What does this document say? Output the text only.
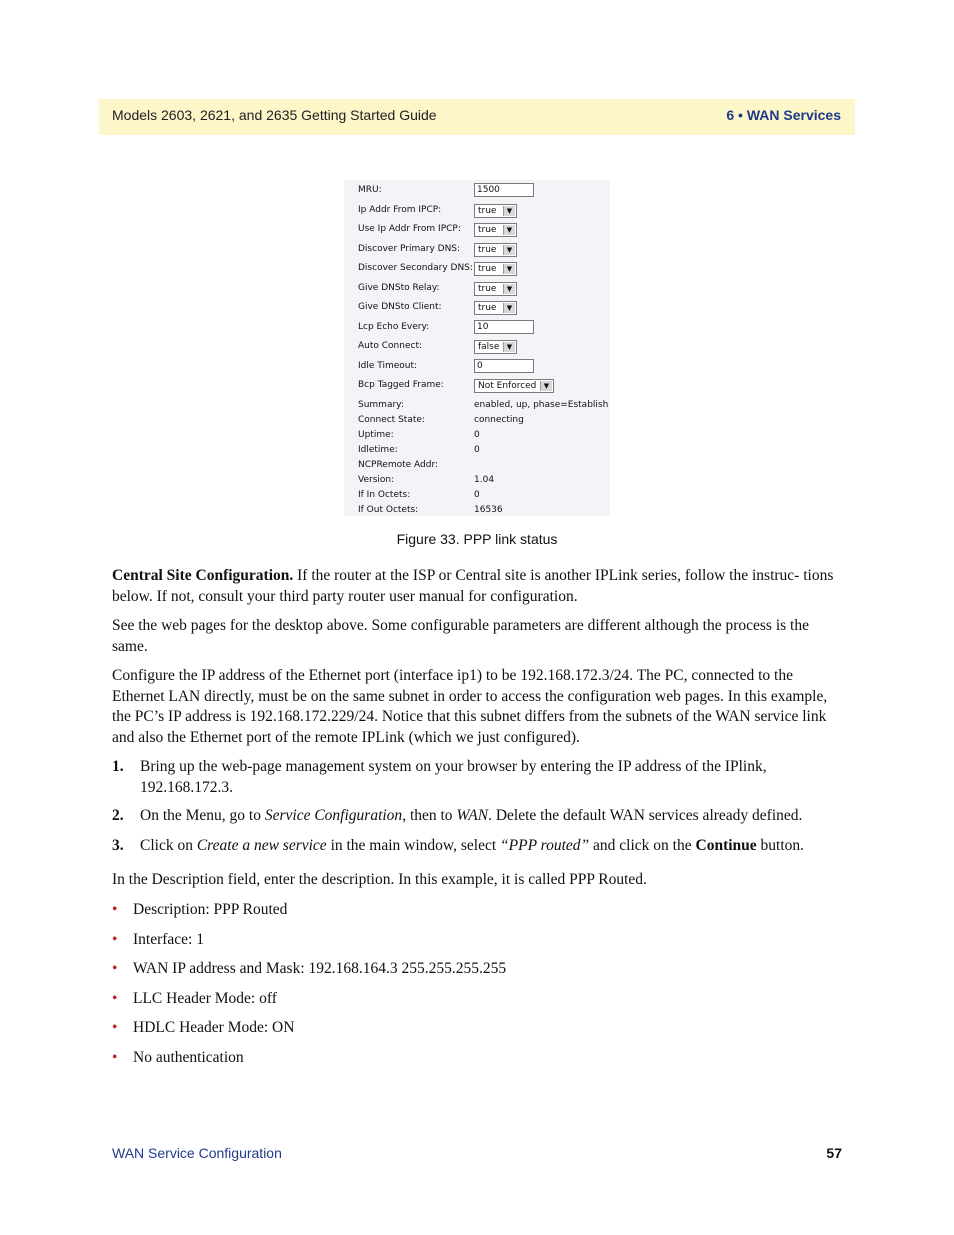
Models 2603, 2621, and 2635 Getting Started Guide	6 • WAN Services
MRU:	1500
Ip Addr From IPCP:	true	▼
Use Ip Addr From IPCP:	true	▼
Discover Primary DNS:	true	▼
Discover Secondary DNS: true	▼
Give DNSto Relay:	true	▼
Give DNSto Client:	true	▼
Lcp Echo Every:	10
Auto Connect:	false	▼
Idle Timeout:	0
Bcp Tagged Frame:	Not Enforced	▼
Summary:	enabled, up, phase=Establish
Connect State:	connecting
Uptime:	0
Idletime:	0
NCPRemote Addr:
Version:	1.04
If In Octets:	0
If Out Octets:	16536
Figure 33. PPP link status
Central Site Configuration. If the router at the ISP or Central site is another IPLink series, follow the instruc- tions below. If not, consult your third party router user manual for configuration.
See the web pages for the desktop above. Some configurable parameters are different although the process is the same.
Configure the IP address of the Ethernet port (interface ip1) to be 192.168.172.3/24. The PC, connected to the Ethernet LAN directly, must be on the same subnet in order to access the configuration web pages. In this example, the PC’s IP address is 192.168.172.229/24. Notice that this subnet differs from the subnets of the WAN service link and also the Ethernet port of the remote IPLink (which we just configured).
1. Bring up the web-page management system on your browser by entering the IP address of the IPlink, 192.168.172.3.
2. On the Menu, go to Service Configuration, then to WAN. Delete the default WAN services already defined.
3. Click on Create a new service in the main window, select “PPP routed” and click on the Continue button.
In the Description field, enter the description. In this example, it is called PPP Routed.
• Description: PPP Routed
• Interface: 1
• WAN IP address and Mask: 192.168.164.3 255.255.255.255
• LLC Header Mode: off
• HDLC Header Mode: ON
• No authentication
WAN Service Configuration	57
